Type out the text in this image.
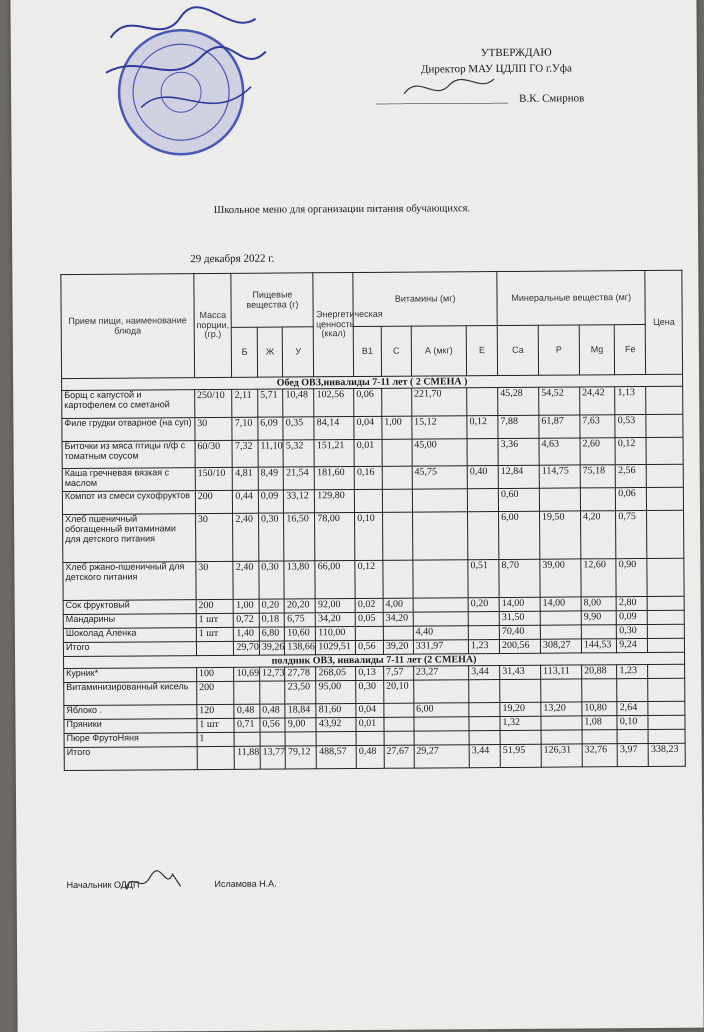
УТВЕРЖДАЮ
Директор МАУ ЦДЛП ГО г.Уфа
________________________ В.К. Смирнов
Школьное меню для организации питания обучающихся.
29 декабря 2022 г.
Прием пищи, наименование блюда	Масса порции, (гр.)	Пищевые вещества (г)			Энергетическая ценность (ккал)	Витамины (мг)				Минеральные вещества (мг)				Цена
		Б	Ж	У		B1	С	А (мкг)	Е	Са	Р	Mg	Fe	
Обед ОВЗ,инвалиды 7-11 лет ( 2 СМЕНА )														
Борщ с капустой и картофелем со сметаной	250/10	2,11	5,71	10,48	102,56	0,06		221,70		45,28	54,52	24,42	1,13	
Филе грудки отварное (на суп)	30	7,10	6,09	0,35	84,14	0,04	1,00	15,12	0,12	7,88	61,87	7,63	0,53	
Биточки из мяса птицы п/ф с томатным соусом	60/30	7,32	11,10	5,32	151,21	0,01		45,00		3,36	4,63	2,60	0,12	
Каша гречневая вязкая с маслом	150/10	4,81	8,49	21,54	181,60	0,16		45,75	0,40	12,84	114,75	75,18	2,56	
Компот из смеси сухофруктов	200	0,44	0,09	33,12	129,80					0,60			0,06	
Хлеб пшеничный обогащенный витаминами для детского питания	30	2,40	0,30	16,50	78,00	0,10				6,00	19,50	4,20	0,75	
Хлеб ржано-пшеничный для детского питания	30	2,40	0,30	13,80	66,00	0,12			0,51	8,70	39,00	12,60	0,90	
Сок фруктовый	200	1,00	0,20	20,20	92,00	0,02	4,00		0,20	14,00	14,00	8,00	2,80	
Мандарины	1 шт	0,72	0,18	6,75	34,20	0,05	34,20			31,50		9,90	0,09	
Шоколад Аленка	1 шт	1,40	6,80	10,60	110,00			4,40		70,40			0,30	
Итого		29,70	39,26	138,66	1029,51	0,56	39,20	331,97	1,23	200,56	308,27	144,53	9,24	
полдник ОВЗ, инвалиды 7-11 лет (2 СМЕНА)														
Курник*	100	10,69	12,73	27,78	268,05	0,13	7,57	23,27	3,44	31,43	113,11	20,88	1,23	
Витаминизированный кисель	200			23,50	95,00	0,30	20,10							
Яблоко .	120	0,48	0,48	18,84	81,60	0,04		6,00		19,20	13,20	10,80	2,64	
Пряники	1 шт	0,71	0,56	9,00	43,92	0,01				1,32		1,08	0,10	
Пюре ФрутоНяня	1													
Итого		11,88	13,77	79,12	488,57	0,48	27,67	29,27	3,44	51,95	126,31	32,76	3,97	338,23
Начальник ОДДП	Исламова Н.А.
